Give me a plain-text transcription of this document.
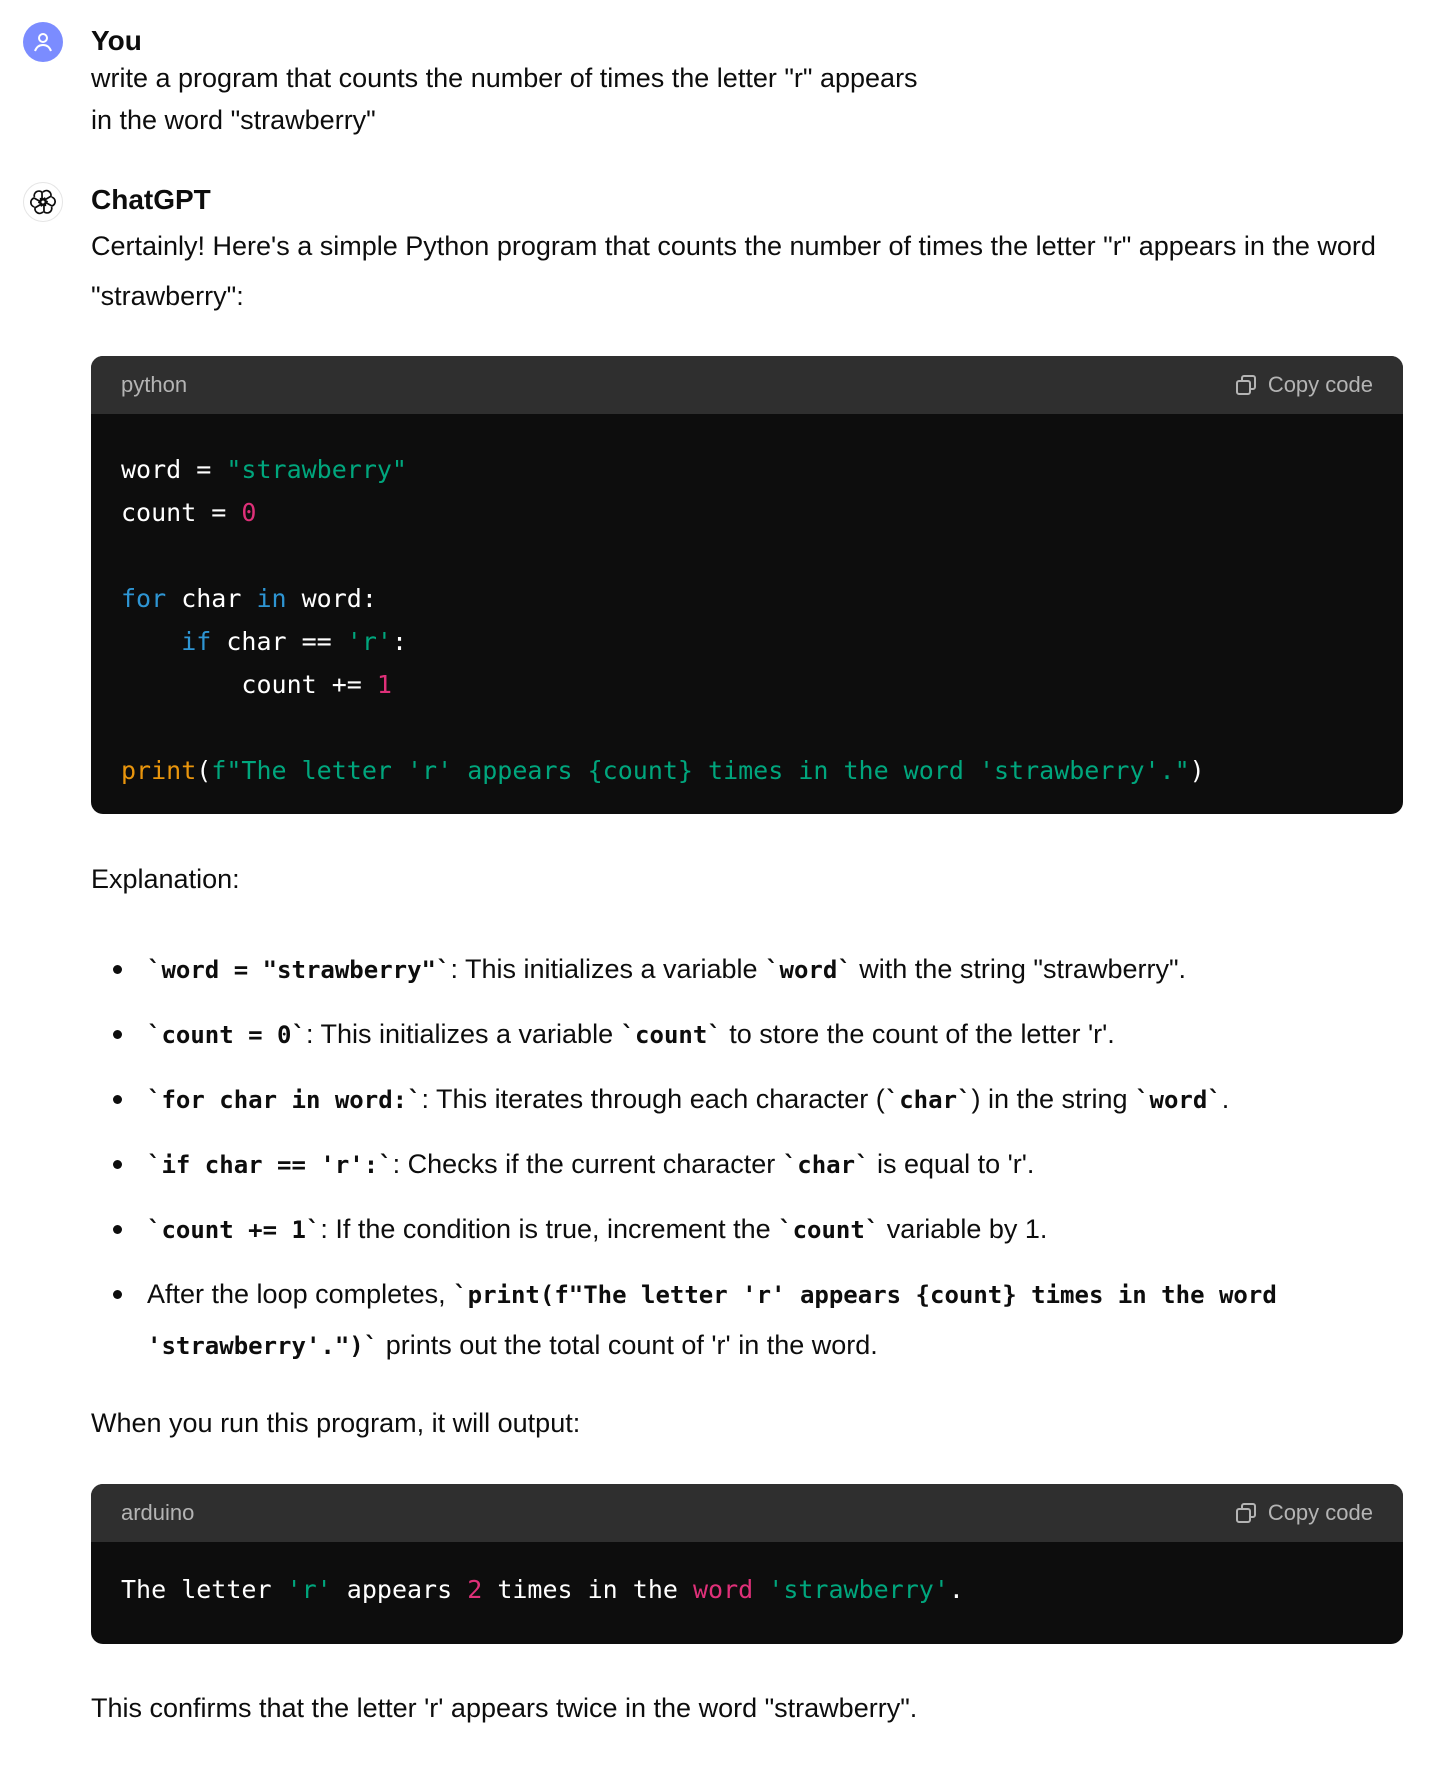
You

write a program that counts the number of times the letter "r" appears
in the word "strawberry"

ChatGPT

Certainly! Here's a simple Python program that counts the number of times the letter "r" appears in the word "strawberry":

python	Copy code
word = "strawberry"
count = 0
for char in word:
if char == 'r':
count += 1
print(f"The letter 'r' appears {count} times in the word 'strawberry'.")

Explanation:

`word = "strawberry"`: This initializes a variable `word` with the string "strawberry".
`count = 0`: This initializes a variable `count` to store the count of the letter 'r'.
`for char in word:`: This iterates through each character (`char`) in the string `word`.
`if char == 'r':`: Checks if the current character `char` is equal to 'r'.
`count += 1`: If the condition is true, increment the `count` variable by 1.
After the loop completes, `print(f"The letter 'r' appears {count} times in the word 'strawberry'.")` prints out the total count of 'r' in the word.

When you run this program, it will output:

arduino	Copy code
The letter 'r' appears 2 times in the word 'strawberry'.

This confirms that the letter 'r' appears twice in the word "strawberry".
